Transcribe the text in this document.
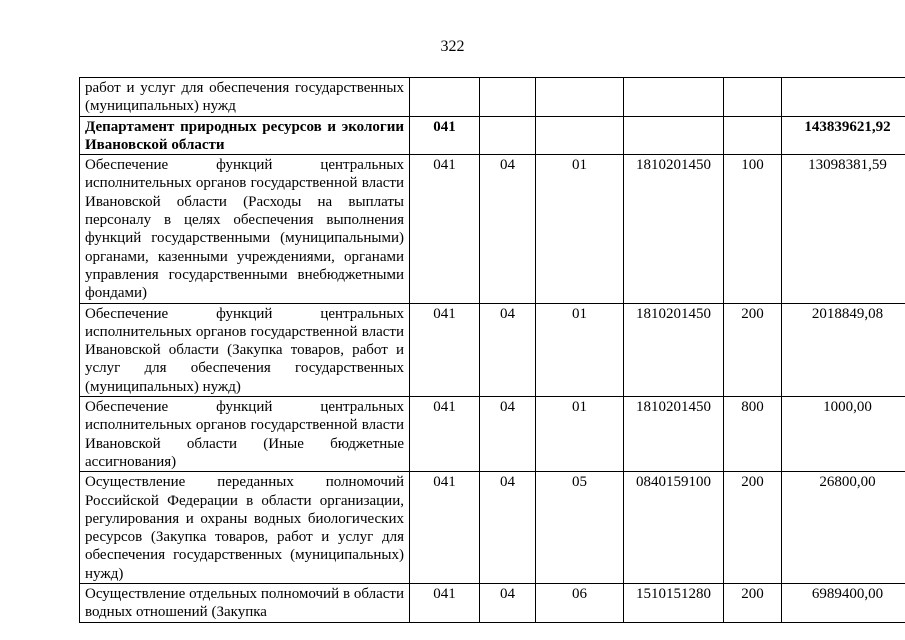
322
работ и услуг для обеспечения государственных (муниципальных) нужд						
Департамент природных ресурсов и экологии Ивановской области	041					143839621,92
Обеспечение функций центральных исполнительных органов государственной власти Ивановской области (Расходы на выплаты персоналу в целях обеспечения выполнения функций государственными (муниципальными) органами, казенными учреждениями, органами управления государственными внебюджетными фондами)	041	04	01	1810201450	100	13098381,59
Обеспечение функций центральных исполнительных органов государственной власти Ивановской области (Закупка товаров, работ и услуг для обеспечения государственных (муниципальных) нужд)	041	04	01	1810201450	200	2018849,08
Обеспечение функций центральных исполнительных органов государственной власти Ивановской области (Иные бюджетные ассигнования)	041	04	01	1810201450	800	1000,00
Осуществление переданных полномочий Российской Федерации в области организации, регулирования и охраны водных биологических ресурсов (Закупка товаров, работ и услуг для обеспечения государственных (муниципальных) нужд)	041	04	05	0840159100	200	26800,00
Осуществление отдельных полномочий в области водных отношений (Закупка	041	04	06	1510151280	200	6989400,00
